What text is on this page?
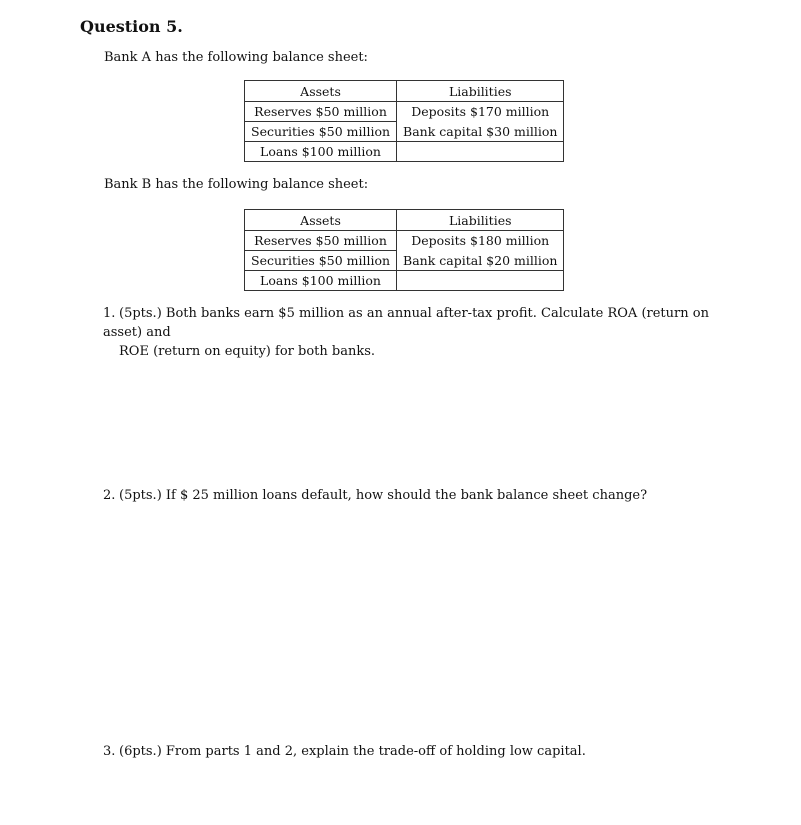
Question 5.

Bank A has the following balance sheet:

Assets	Liabilities
Reserves $50 million	Deposits $170 million
Securities $50 million	Bank capital $30 million
Loans $100 million	

Bank B has the following balance sheet:

Assets	Liabilities
Reserves $50 million	Deposits $180 million
Securities $50 million	Bank capital $20 million
Loans $100 million	

1. (5pts.) Both banks earn $5 million as an annual after-tax profit. Calculate ROA (return on asset) and
ROE (return on equity) for both banks.

2. (5pts.) If $ 25 million loans default, how should the bank balance sheet change?

3. (6pts.) From parts 1 and 2, explain the trade-off of holding low capital.
